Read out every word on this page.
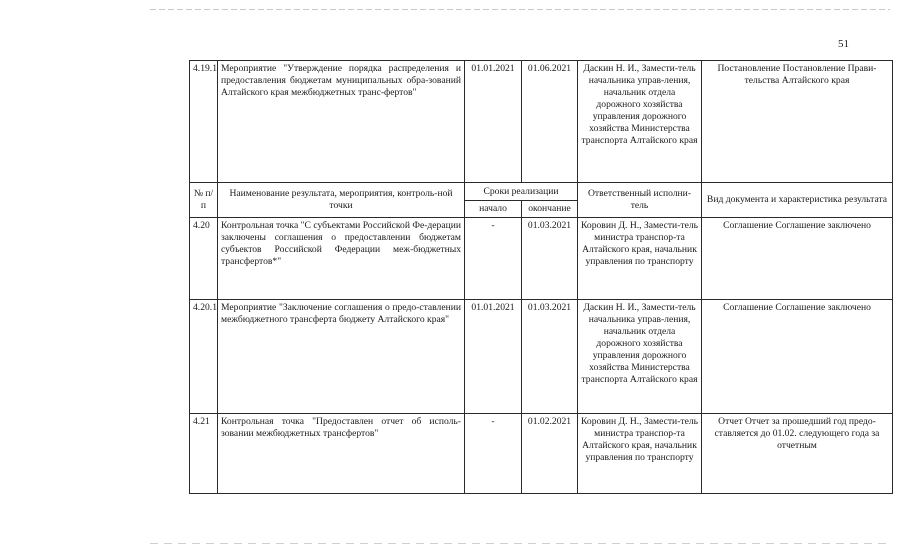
51
4.19.1	Мероприятие "Утверждение порядка распределения и предоставления бюджетам муниципальных обра-зований Алтайского края межбюджетных транс-фертов"	01.01.2021	01.06.2021	Даскин Н. И., Замести-тель начальника управ-ления, начальник отдела дорожного хозяйства управления дорожного хозяйства Министерства транспорта Алтайского края	Постановление Постановление Прави-тельства Алтайского края
№ п/п	Наименование результата, мероприятия, контроль-ной точки	Сроки реализации		Ответственный исполни-тель	Вид документа и характеристика результата
		начало	окончание		
4.20	Контрольная точка "С субъектами Российской Фе-дерации заключены соглашения о предоставлении бюджетам субъектов Российской Федерации меж-бюджетных трансфертов*"	-	01.03.2021	Коровин Д. Н., Замести-тель министра транспор-та Алтайского края, начальник управления по транспорту	Соглашение Соглашение заключено
4.20.1	Мероприятие "Заключение соглашения о предо-ставлении межбюджетного трансферта бюджету Алтайского края"	01.01.2021	01.03.2021	Даскин Н. И., Замести-тель начальника управ-ления, начальник отдела дорожного хозяйства управления дорожного хозяйства Министерства транспорта Алтайского края	Соглашение Соглашение заключено
4.21	Контрольная точка "Предоставлен отчет об исполь-зовании межбюджетных трансфертов"	-	01.02.2021	Коровин Д. Н., Замести-тель министра транспор-та Алтайского края, начальник управления по транспорту	Отчет Отчет за прошедший год предо-ставляется до 01.02. следующего года за отчетным
